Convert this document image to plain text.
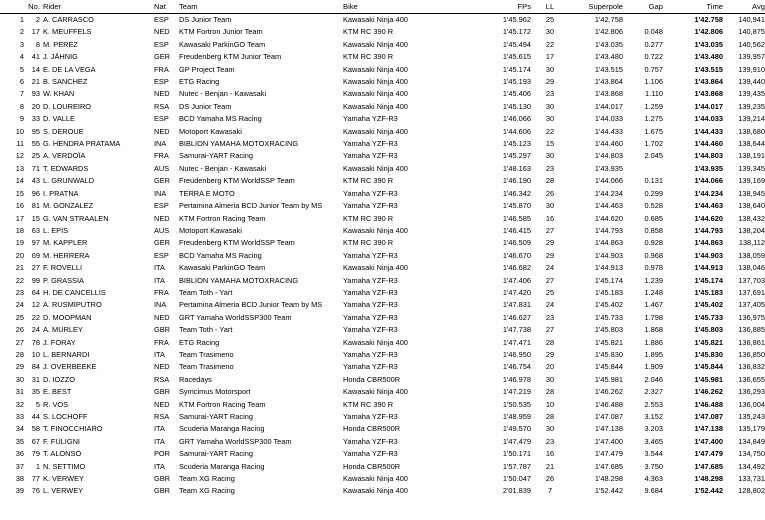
	No.	Rider	Nat	Team	Bike	FPs	LL	Superpole	Gap	Time	Avg
1	2	A. CARRASCO	ESP	DS Junior Team	Kawasaki Ninja 400	1'45.962	25	1'42.758		1'42.758	140,941
2	17	K. MEUFFELS	NED	KTM Fortron Junior Team	KTM RC 390 R	1'45.172	30	1'42.806	0.048	1'42.806	140,875
3	8	M. PEREZ	ESP	Kawasaki ParkinGO Team	Kawasaki Ninja 400	1'45.494	22	1'43.035	0.277	1'43.035	140,562
4	41	J. JÄHNIG	GER	Freudenberg KTM Junior Team	KTM RC 390 R	1'45.615	17	1'43.480	0.722	1'43.480	139,957
5	14	E. DE LA VEGA	FRA	GP Project Team	Kawasaki Ninja 400	1'45.174	30	1'43.515	0.757	1'43.515	139,910
6	21	B. SANCHEZ	ESP	ETG Racing	Kawasaki Ninja 400	1'45.193	29	1'43.864	1.106	1'43.864	139,440
7	93	W. KHAN	NED	Nutec - Benjan - Kawasaki	Kawasaki Ninja 400	1'45.406	23	1'43.868	1.110	1'43.868	139,435
8	20	D. LOUREIRO	RSA	DS Junior Team	Kawasaki Ninja 400	1'45.130	30	1'44.017	1.259	1'44.017	139,235
9	33	D. VALLE	ESP	BCD Yamaha MS Racing	Yamaha YZF-R3	1'46.066	30	1'44.033	1.275	1'44.033	139,214
10	95	S. DEROUE	NED	Motoport Kawasaki	Kawasaki Ninja 400	1'44.606	22	1'44.433	1.675	1'44.433	138,680
11	55	G. HENDRA PRATAMA	INA	BIBLION YAMAHA MOTOXRACING	Yamaha YZF-R3	1'45.123	15	1'44.460	1.702	1'44.460	138,644
12	25	A. VERDOÏA	FRA	Samurai-YART Racing	Yamaha YZF-R3	1'45.297	30	1'44.803	2.045	1'44.803	138,191
13	71	T. EDWARDS	AUS	Nutec - Benjan - Kawasaki	Kawasaki Ninja 400	1'48.163	23	1'43.935		1'43.935	139,345
14	43	L. GRUNWALD	GER	Freudenberg KTM WorldSSP Team	KTM RC 390 R	1'46.190	28	1'44.066	0.131	1'44.066	139,169
15	96	I. PRATNA	INA	TERRA E MOTO	Yamaha YZF-R3	1'46.342	26	1'44.234	0.299	1'44.234	138,945
16	81	M. GONZALEZ	ESP	Pertamina Almeria BCD Junior Team by MS	Yamaha YZF-R3	1'45.870	30	1'44.463	0.528	1'44.463	138,640
17	15	G. VAN STRAALEN	NED	KTM Fortron Racing Team	KTM RC 390 R	1'46.585	16	1'44.620	0.685	1'44.620	138,432
18	63	L. EPIS	AUS	Motoport Kawasaki	Kawasaki Ninja 400	1'46.415	27	1'44.793	0.858	1'44.793	138,204
19	97	M. KAPPLER	GER	Freudenberg KTM WorldSSP Team	KTM RC 390 R	1'46.509	29	1'44.863	0.928	1'44.863	138,112
20	69	M. HERRERA	ESP	BCD Yamaha MS Racing	Yamaha YZF-R3	1'46.670	29	1'44.903	0.968	1'44.903	138,059
21	27	F. ROVELLI	ITA	Kawasaki ParkinGO Team	Kawasaki Ninja 400	1'46.682	24	1'44.913	0.978	1'44.913	138,046
22	99	P. GRASSIA	ITA	BIBLION YAMAHA MOTOXRACING	Yamaha YZF-R3	1'47.406	27	1'45.174	1.239	1'45.174	137,703
23	64	H. DE CANCELLIS	FRA	Team Toth - Yart	Yamaha YZF-R3	1'47.420	25	1'45.183	1.248	1'45.183	137,691
24	12	A. RUSMIPUTRO	INA	Pertamina Almeria BCD Junior Team by MS	Yamaha YZF-R3	1'47.831	24	1'45.402	1.467	1'45.402	137,405
25	22	D. MOOPMAN	NED	GRT Yamaha WorldSSP300 Team	Yamaha YZF-R3	1'46.627	23	1'45.733	1.798	1'45.733	136,975
26	24	A. MURLEY	GBR	Team Toth - Yart	Yamaha YZF-R3	1'47.738	27	1'45.803	1.868	1'45.803	136,885
27	78	J. FORAY	FRA	ETG Racing	Kawasaki Ninja 400	1'47.471	28	1'45.821	1.886	1'45.821	136,861
28	10	L. BERNARDI	ITA	Team Trasimeno	Yamaha YZF-R3	1'46.950	29	1'45.830	1.895	1'45.830	136,850
29	84	J. OVERBEEKE	NED	Team Trasimeno	Yamaha YZF-R3	1'46.754	20	1'45.844	1.909	1'45.844	136,832
30	31	D. IOZZO	RSA	Racedays	Honda CBR500R	1'46.978	30	1'45.981	2.046	1'45.981	136,655
31	35	E. BEST	GBR	Symcimus Motorsport	Kawasaki Ninja 400	1'47.219	28	1'46.262	2.327	1'46.262	136,293
32	5	R. VOS	NED	KTM Fortron Racing Team	KTM RC 390 R	1'50.535	10	1'46.488	2.553	1'46.488	136,004
33	44	S. LOCHOFF	RSA	Samurai-YART Racing	Yamaha YZF-R3	1'48.959	28	1'47.087	3.152	1'47.087	135,243
34	58	T. FINOCCHIARO	ITA	Scuderia Maranga Racing	Honda CBR500R	1'49.570	30	1'47.138	3.203	1'47.138	135,179
35	67	F. FULIGNI	ITA	GRT Yamaha WorldSSP300 Team	Yamaha YZF-R3	1'47.479	23	1'47.400	3.465	1'47.400	134,849
36	79	T. ALONSO	POR	Samurai-YART Racing	Yamaha YZF-R3	1'50.171	16	1'47.479	3.544	1'47.479	134,750
37	1	N. SETTIMO	ITA	Scuderia Maranga Racing	Honda CBR500R	1'57.787	21	1'47.685	3.750	1'47.685	134,492
38	77	K. VERWEY	GBR	Team XG Racing	Kawasaki Ninja 400	1'50.047	26	1'48.298	4.363	1'48.298	133,731
39	76	L. VERWEY	GBR	Team XG Racing	Kawasaki Ninja 400	2'01.839	7	1'52.442	9.684	1'52.442	128,802
